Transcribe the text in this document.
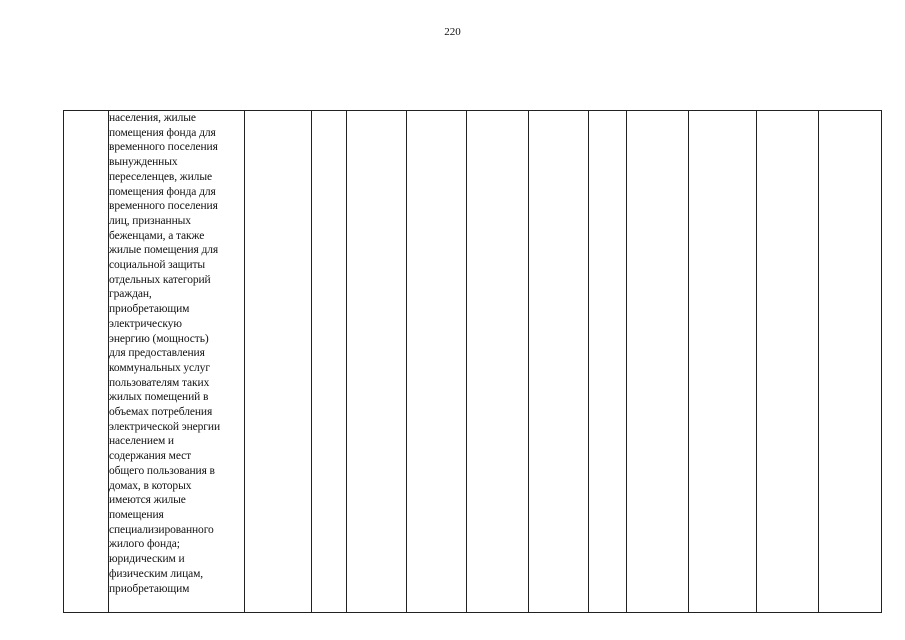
220

населения, жилые
помещения фонда для
временного поселения
вынужденных
переселенцев, жилые
помещения фонда для
временного поселения
лиц, признанных
беженцами, а также
жилые помещения для
социальной защиты
отдельных категорий
граждан,
приобретающим
электрическую
энергию (мощность)
для предоставления
коммунальных услуг
пользователям таких
жилых помещений в
объемах потребления
электрической энергии
населением и
содержания мест
общего пользования в
домах, в которых
имеются жилые
помещения
специализированного
жилого фонда;
юридическим и
физическим лицам,
приобретающим
